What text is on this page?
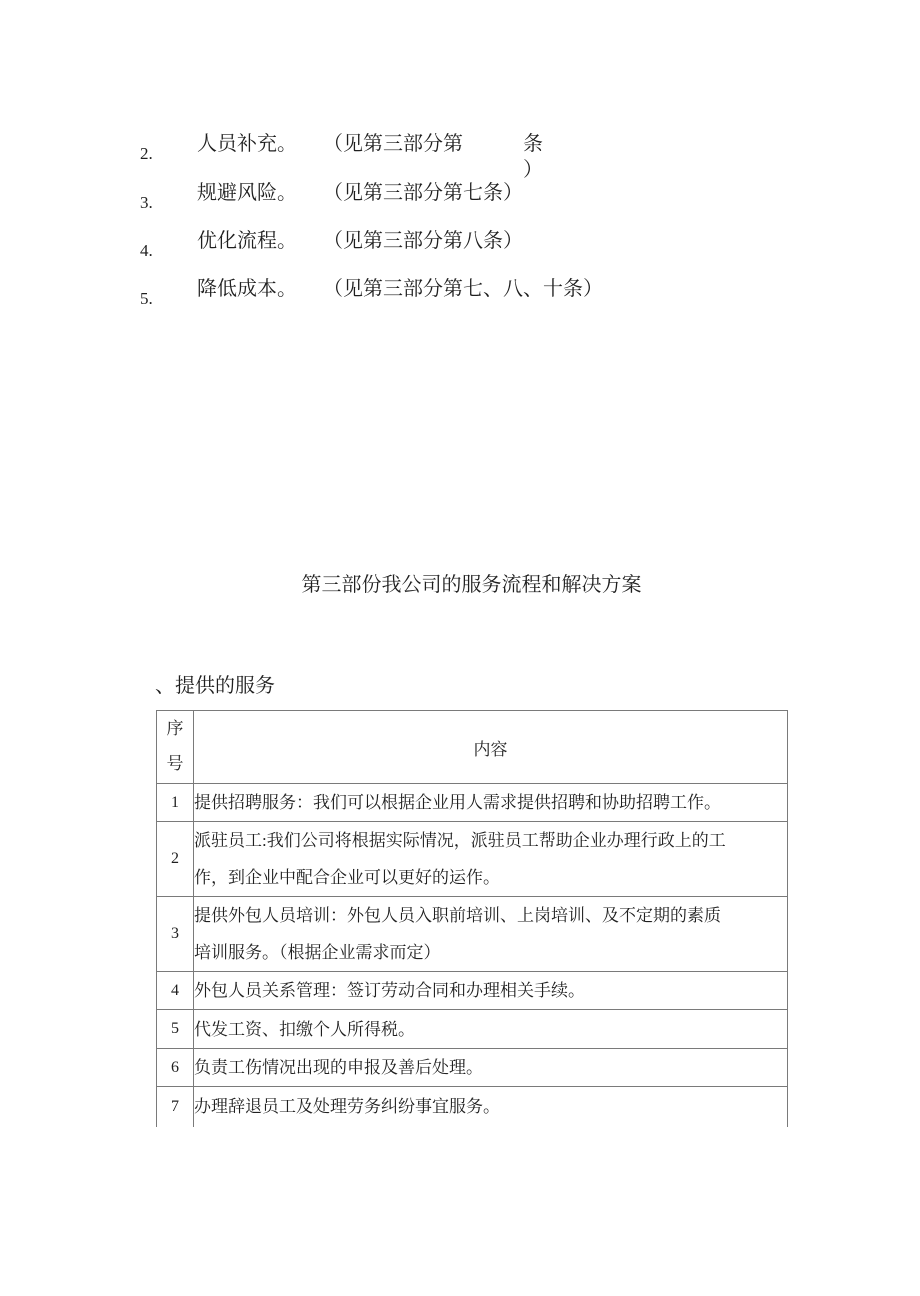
2. 人员补充。 （见第三部分第	条
）
3. 规避风险。 （见第三部分第七条）
4. 优化流程。 （见第三部分第八条）
5. 降低成本。 （见第三部分第七、八、十条）
第三部份我公司的服务流程和解决方案
、提供的服务
序
号	内容
1	提供招聘服务：我们可以根据企业用人需求提供招聘和协助招聘工作。

2	派驻员工:我们公司将根据实际情况，派驻员工帮助企业办理行政上的工
作，到企业中配合企业可以更好的运作。

3	提供外包人员培训：外包人员入职前培训、上岗培训、及不定期的素质
培训服务。（根据企业需求而定）

4	外包人员关系管理：签订劳动合同和办理相关手续。

5	代发工资、扣缴个人所得税。

6	负责工伤情况出现的申报及善后处理。

7	办理辞退员工及处理劳务纠纷事宜服务。
